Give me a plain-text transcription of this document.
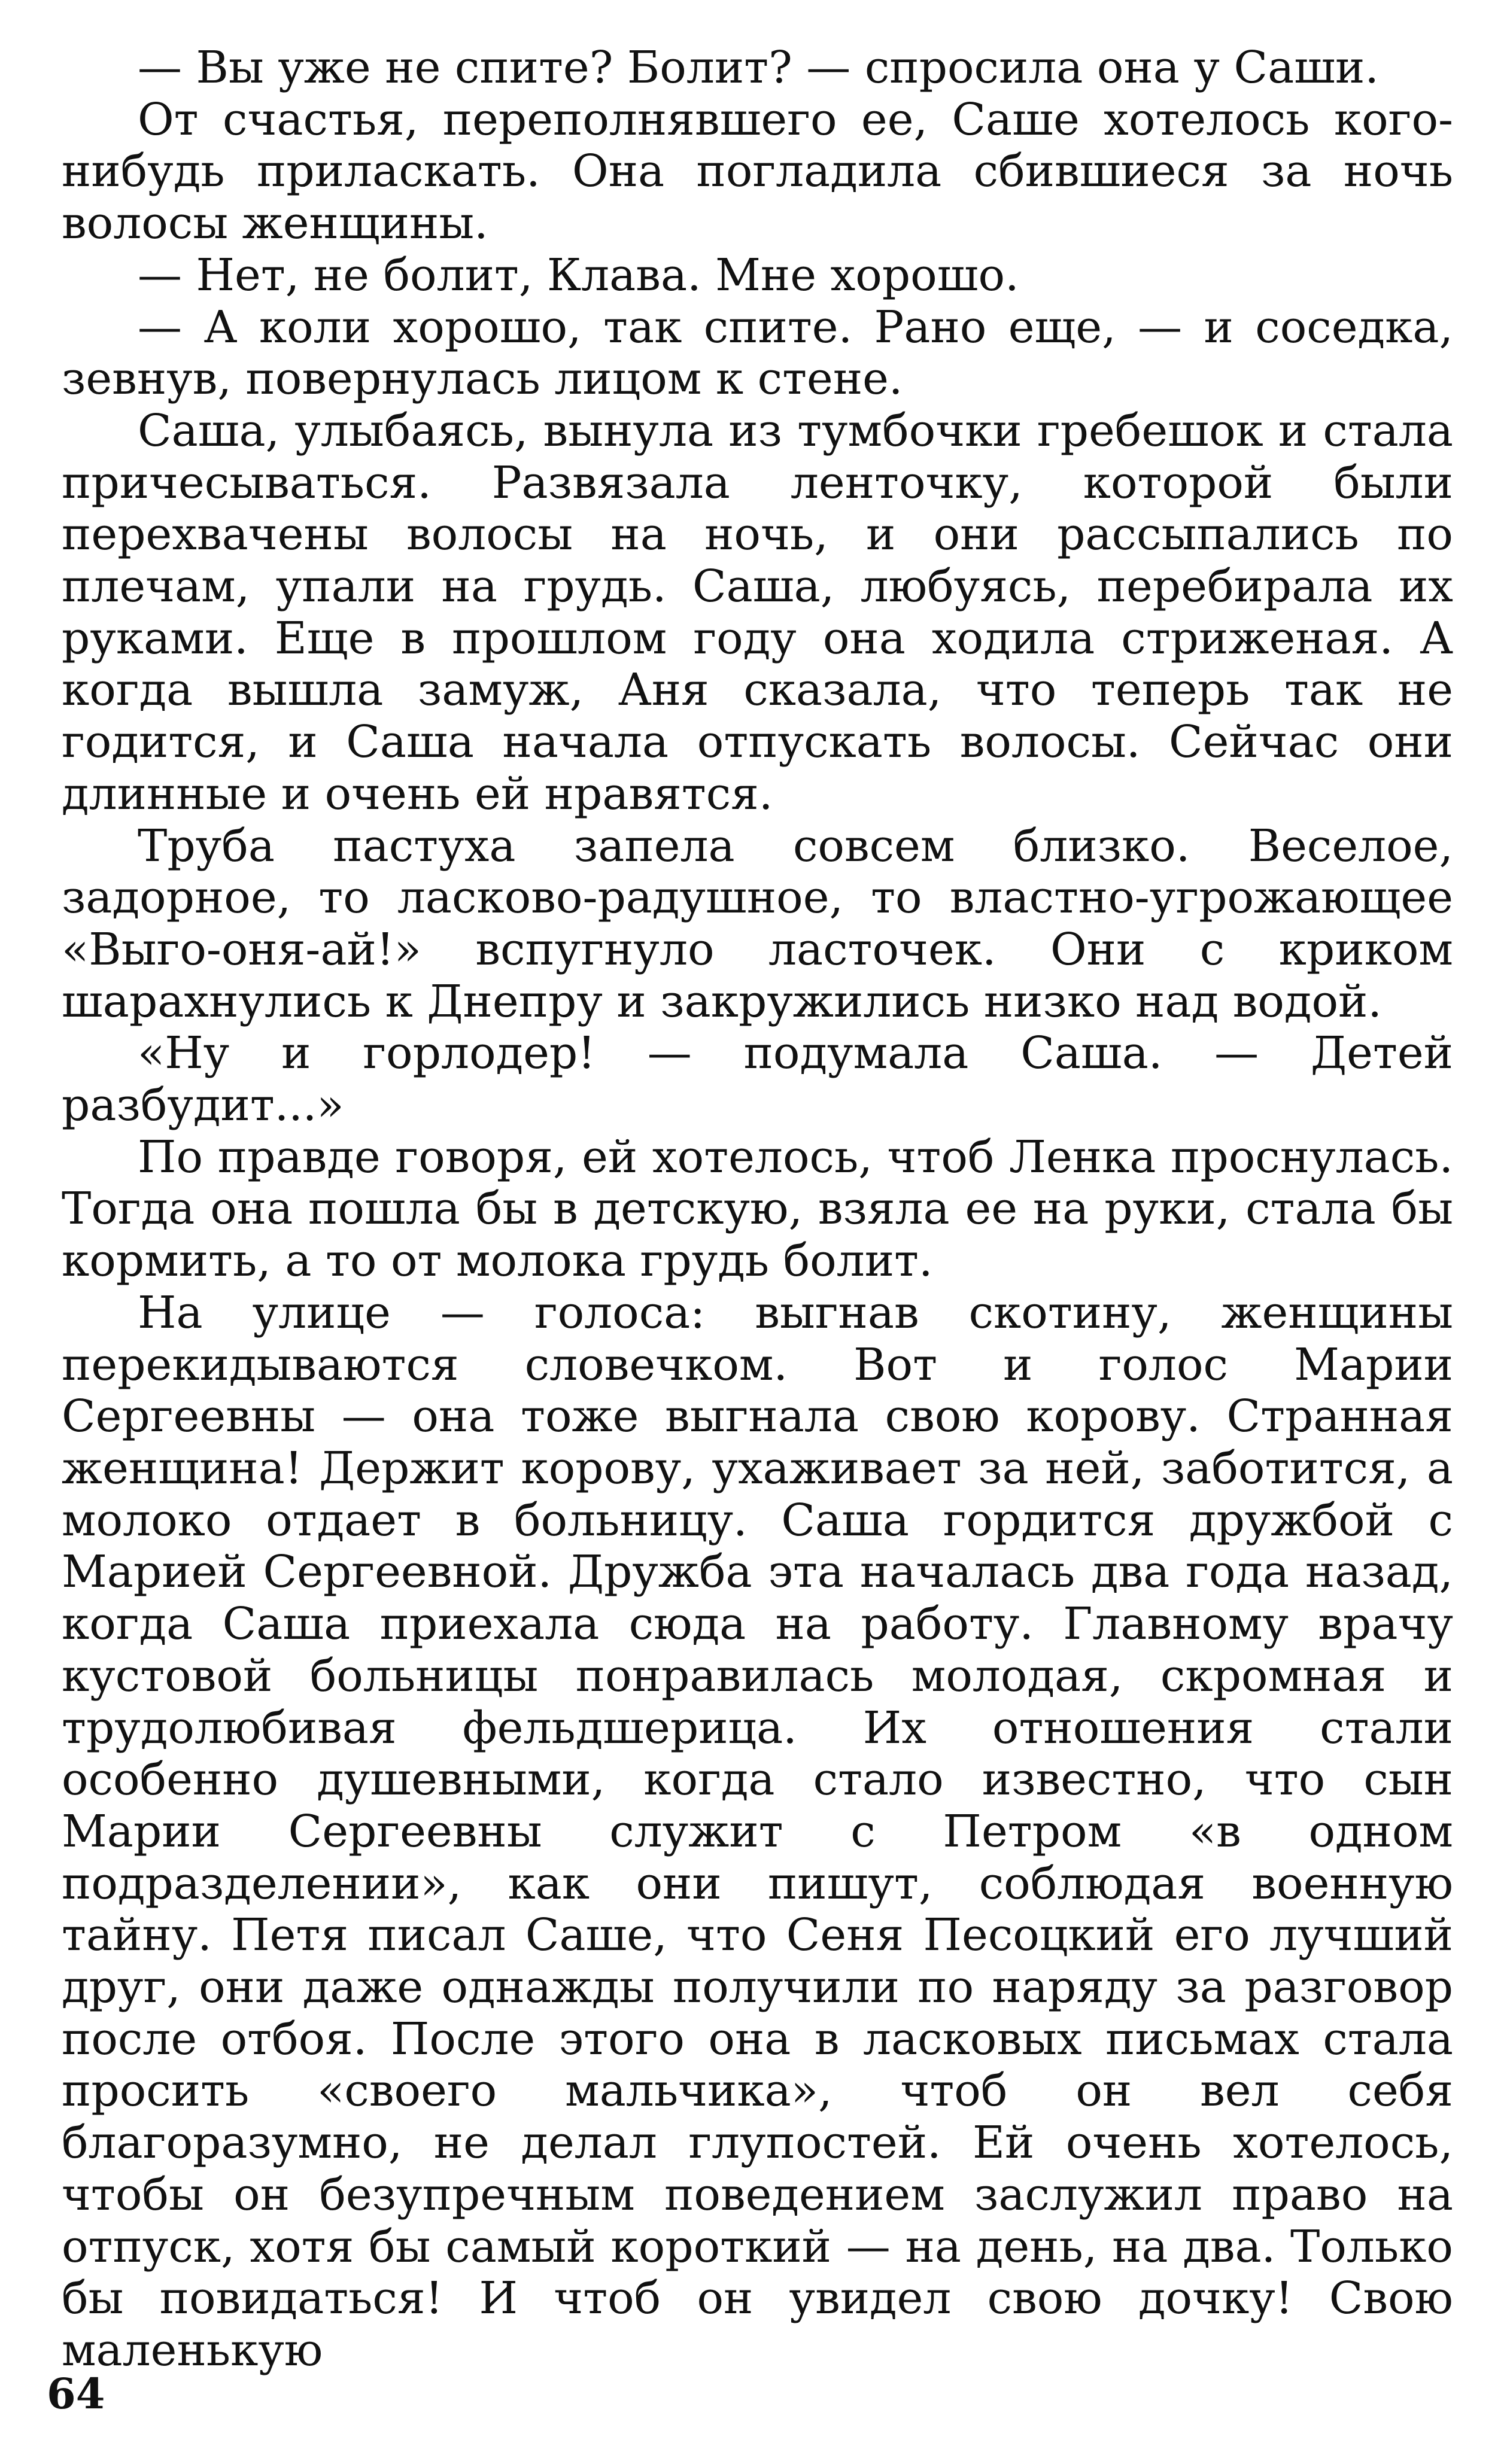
— Вы уже не спите? Болит? — спросила она у Саши.

От счастья, переполнявшего ее, Саше хотелось кого-нибудь приласкать. Она погладила сбившиеся за ночь волосы женщины.

— Нет, не болит, Клава. Мне хорошо.

— А коли хорошо, так спите. Рано еще, — и соседка, зевнув, повернулась лицом к стене.

Саша, улыбаясь, вынула из тумбочки гребешок и стала причесываться. Развязала ленточку, которой были перехвачены волосы на ночь, и они рассыпались по плечам, упали на грудь. Саша, любуясь, перебирала их руками. Еще в прошлом году она ходила стриженая. А когда вышла замуж, Аня сказала, что теперь так не годится, и Саша начала отпускать волосы. Сейчас они длинные и очень ей нравятся.

Труба пастуха запела совсем близко. Веселое, задорное, то ласково-радушное, то властно-угрожающее «Выго-оня-ай!» вспугнуло ласточек. Они с криком шарахнулись к Днепру и закружились низко над водой.

«Ну и горлодер! — подумала Саша. — Детей разбудит...»

По правде говоря, ей хотелось, чтоб Ленка проснулась. Тогда она пошла бы в детскую, взяла ее на руки, стала бы кормить, а то от молока грудь болит.

На улице — голоса: выгнав скотину, женщины перекидываются словечком. Вот и голос Марии Сергеевны — она тоже выгнала свою корову. Странная женщина! Держит корову, ухаживает за ней, заботится, а молоко отдает в больницу. Саша гордится дружбой с Марией Сергеевной. Дружба эта началась два года назад, когда Саша приехала сюда на работу. Главному врачу кустовой больницы понравилась молодая, скромная и трудолюбивая фельдшерица. Их отношения стали особенно душевными, когда стало известно, что сын Марии Сергеевны служит с Петром «в одном подразделении», как они пишут, соблюдая военную тайну. Петя писал Саше, что Сеня Песоцкий его лучший друг, они даже однажды получили по наряду за разговор после отбоя. После этого она в ласковых письмах стала просить «своего мальчика», чтоб он вел себя благоразумно, не делал глупостей. Ей очень хотелось, чтобы он безупречным поведением заслужил право на отпуск, хотя бы самый короткий — на день, на два. Только бы повидаться! И чтоб он увидел свою дочку! Свою маленькую

64
